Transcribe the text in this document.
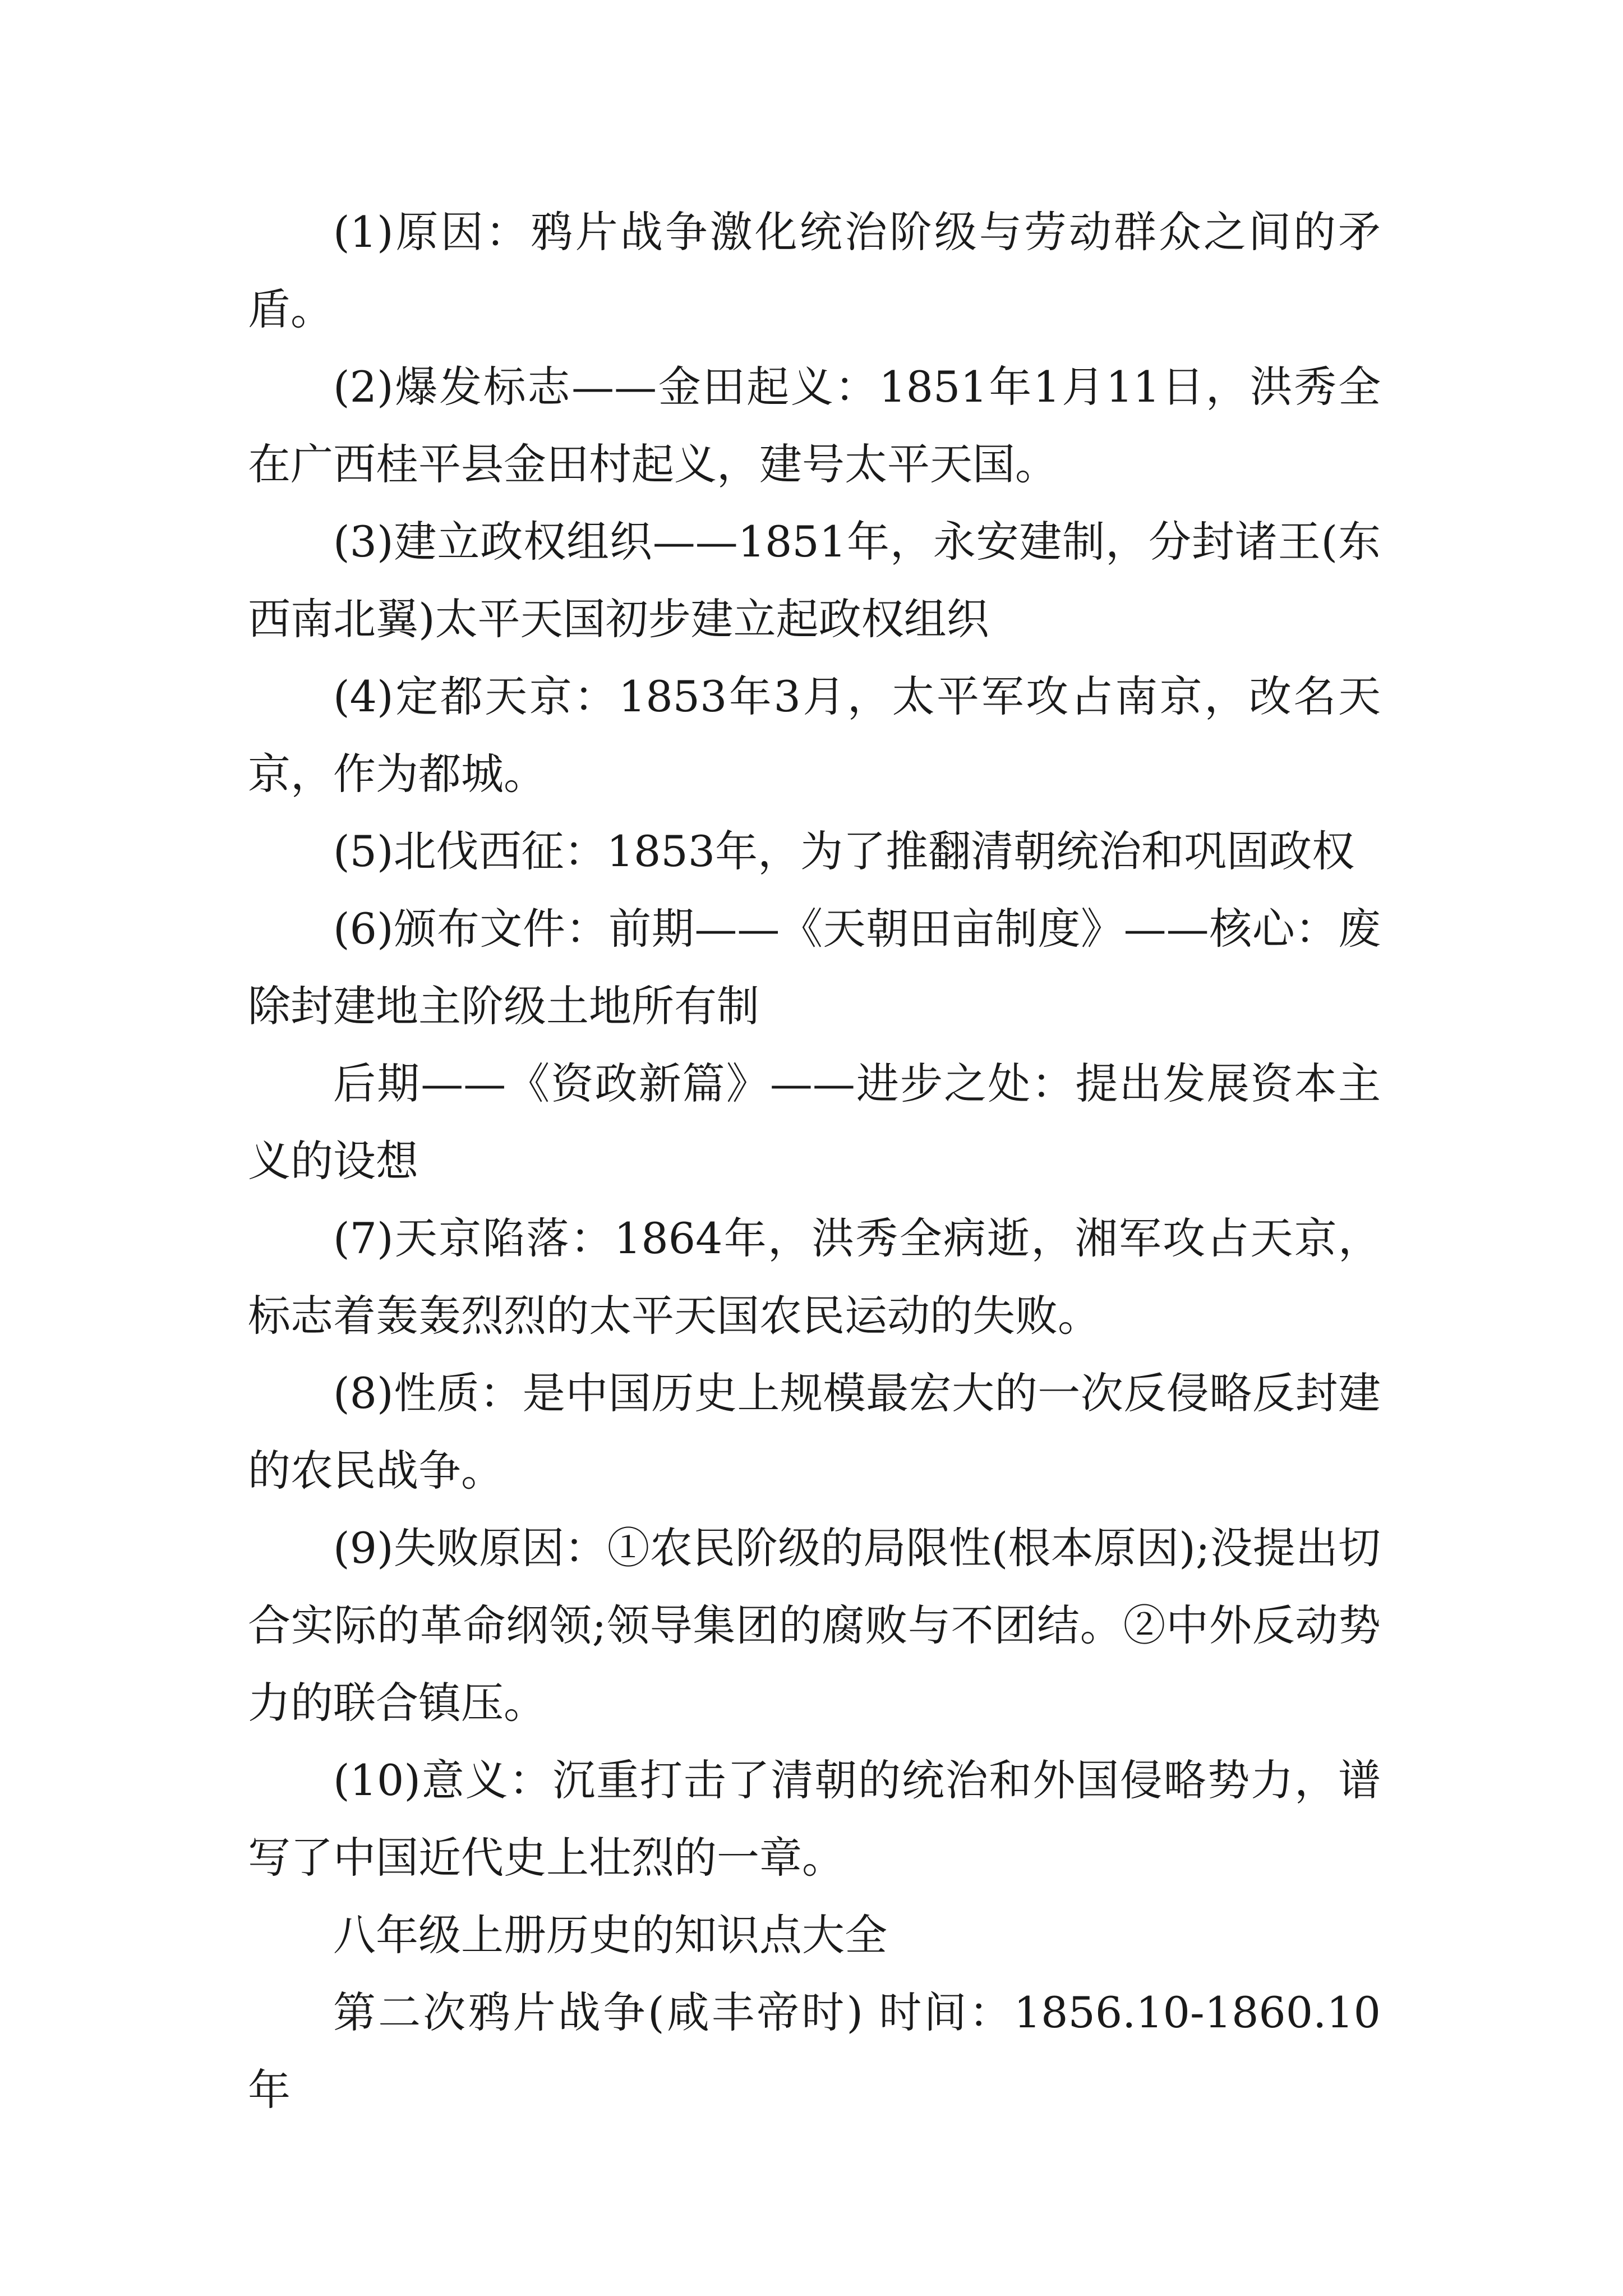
(1)原因：鸦片战争激化统治阶级与劳动群众之间的矛盾。

(2)爆发标志——金田起义：1851年1月11日，洪秀全在广西桂平县金田村起义，建号太平天国。

(3)建立政权组织——1851年，永安建制，分封诸王(东西南北翼)太平天国初步建立起政权组织

(4)定都天京：1853年3月，太平军攻占南京，改名天京，作为都城。

(5)北伐西征：1853年，为了推翻清朝统治和巩固政权

(6)颁布文件：前期——《天朝田亩制度》——核心：废除封建地主阶级土地所有制

后期——《资政新篇》——进步之处：提出发展资本主义的设想

(7)天京陷落：1864年，洪秀全病逝，湘军攻占天京，标志着轰轰烈烈的太平天国农民运动的失败。

(8)性质：是中国历史上规模最宏大的一次反侵略反封建的农民战争。

(9)失败原因：①农民阶级的局限性(根本原因);没提出切合实际的革命纲领;领导集团的腐败与不团结。②中外反动势力的联合镇压。

(10)意义：沉重打击了清朝的统治和外国侵略势力，谱写了中国近代史上壮烈的一章。

八年级上册历史的知识点大全

第二次鸦片战争(咸丰帝时) 时间：1856.10-1860.10年
